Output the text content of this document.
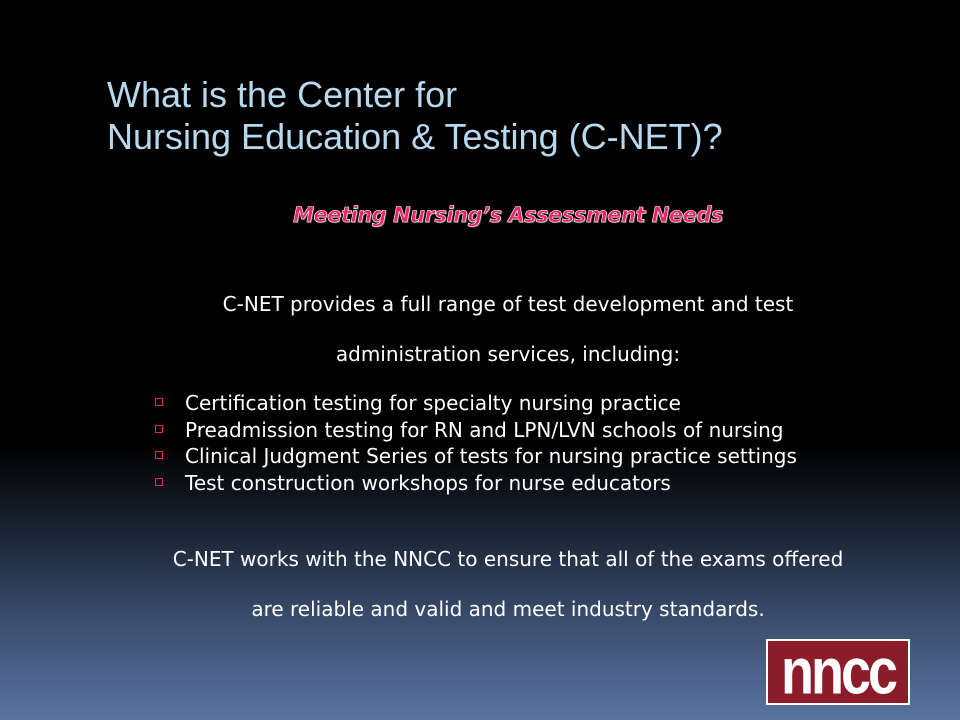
What is the Center for
Nursing Education & Testing (C-NET)?
Meeting Nursing’s Assessment Needs
C-NET provides a full range of test development and test
administration services, including:
Certification testing for specialty nursing practice
Preadmission testing for RN and LPN/LVN schools of nursing
Clinical Judgment Series of tests for nursing practice settings
Test construction workshops for nurse educators
C-NET works with the NNCC to ensure that all of the exams offered
are reliable and valid and meet industry standards.
nncc
